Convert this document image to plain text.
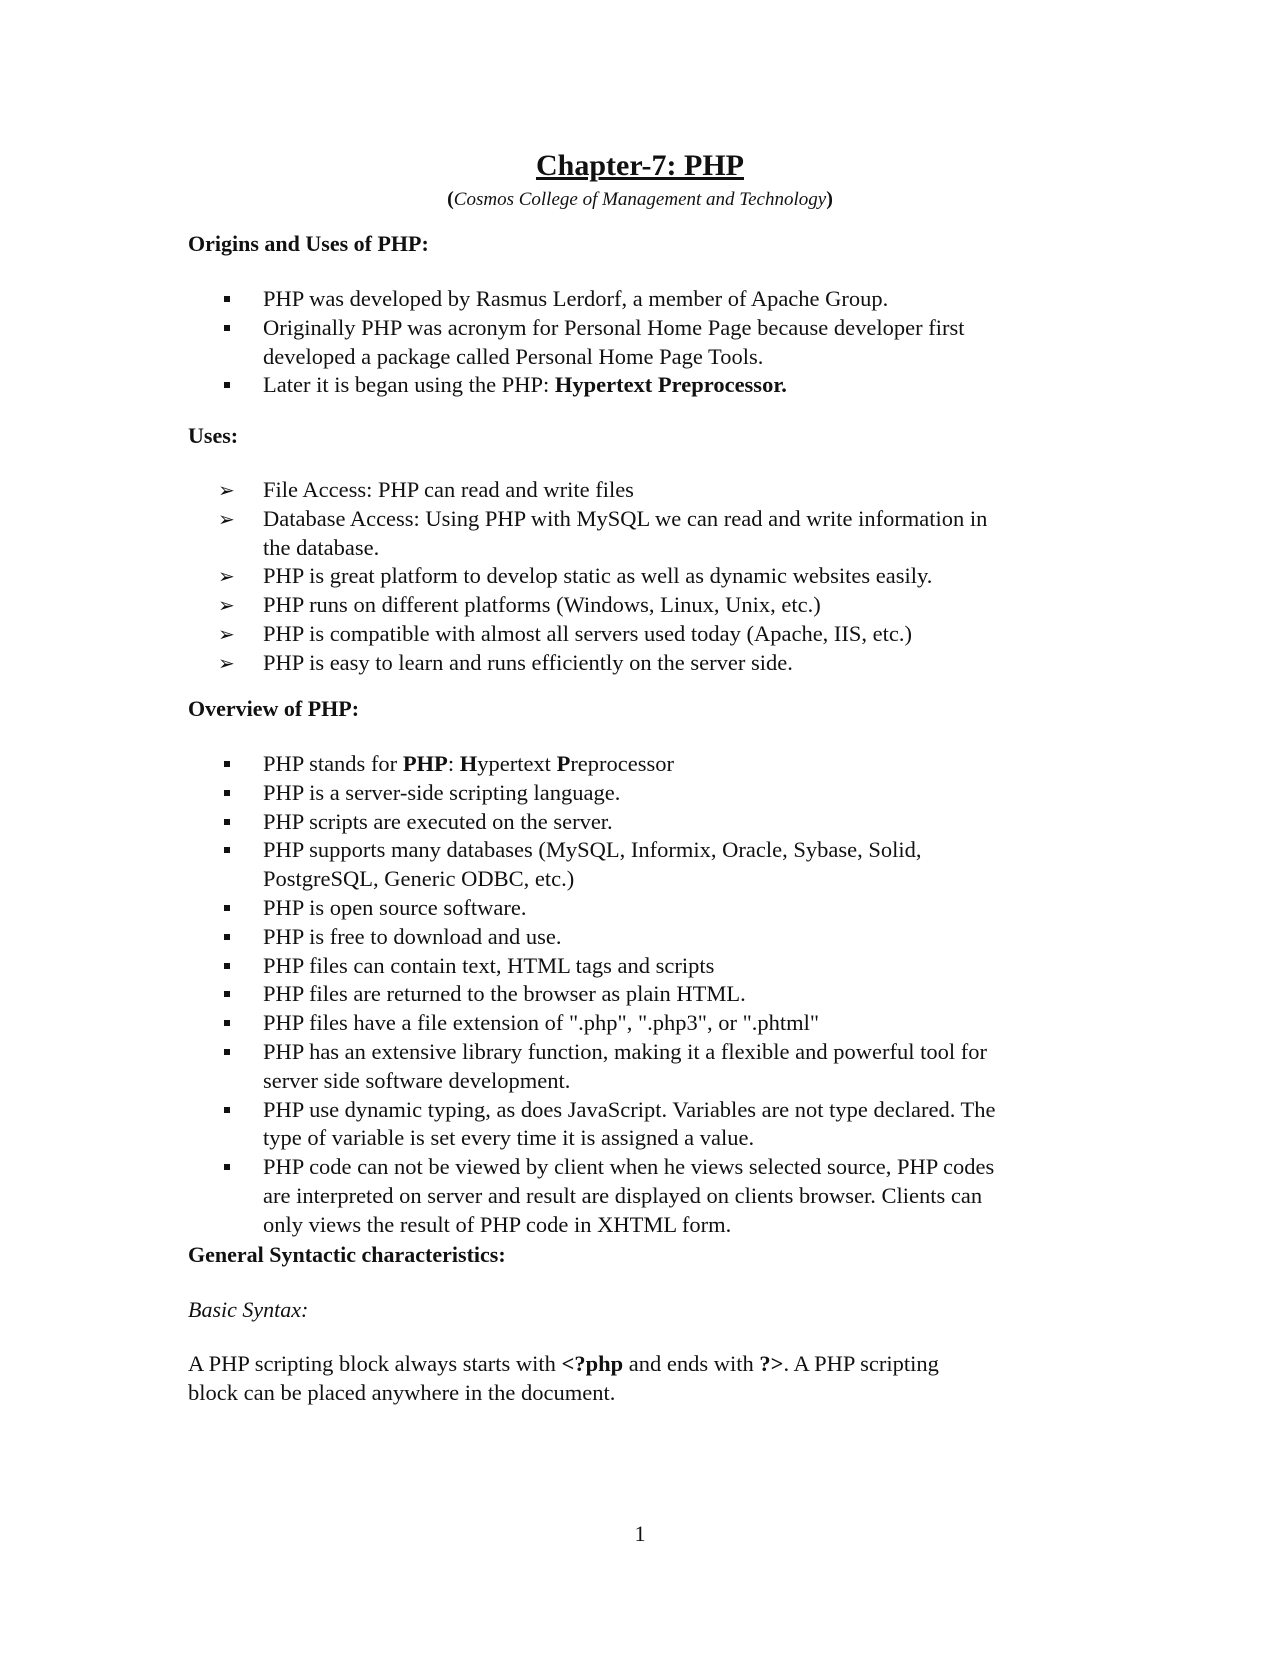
Chapter-7: PHP
(Cosmos College of Management and Technology)
Origins and Uses of PHP:
PHP was developed by Rasmus Lerdorf, a member of Apache Group.
Originally PHP was acronym for Personal Home Page because developer first
developed a package called Personal Home Page Tools.
Later it is began using the PHP: Hypertext Preprocessor.
Uses:
➢ File Access: PHP can read and write files
➢ Database Access: Using PHP with MySQL we can read and write information in
the database.
➢ PHP is great platform to develop static as well as dynamic websites easily.
➢ PHP runs on different platforms (Windows, Linux, Unix, etc.)
➢ PHP is compatible with almost all servers used today (Apache, IIS, etc.)
➢ PHP is easy to learn and runs efficiently on the server side.
Overview of PHP:
PHP stands for PHP: Hypertext Preprocessor
PHP is a server-side scripting language.
PHP scripts are executed on the server.
PHP supports many databases (MySQL, Informix, Oracle, Sybase, Solid,
PostgreSQL, Generic ODBC, etc.)
PHP is open source software.
PHP is free to download and use.
PHP files can contain text, HTML tags and scripts
PHP files are returned to the browser as plain HTML.
PHP files have a file extension of ".php", ".php3", or ".phtml"
PHP has an extensive library function, making it a flexible and powerful tool for
server side software development.
PHP use dynamic typing, as does JavaScript. Variables are not type declared. The
type of variable is set every time it is assigned a value.
PHP code can not be viewed by client when he views selected source, PHP codes
are interpreted on server and result are displayed on clients browser. Clients can
only views the result of PHP code in XHTML form.
General Syntactic characteristics:
Basic Syntax:
A PHP scripting block always starts with <?php and ends with ?>. A PHP scripting
block can be placed anywhere in the document.
1
